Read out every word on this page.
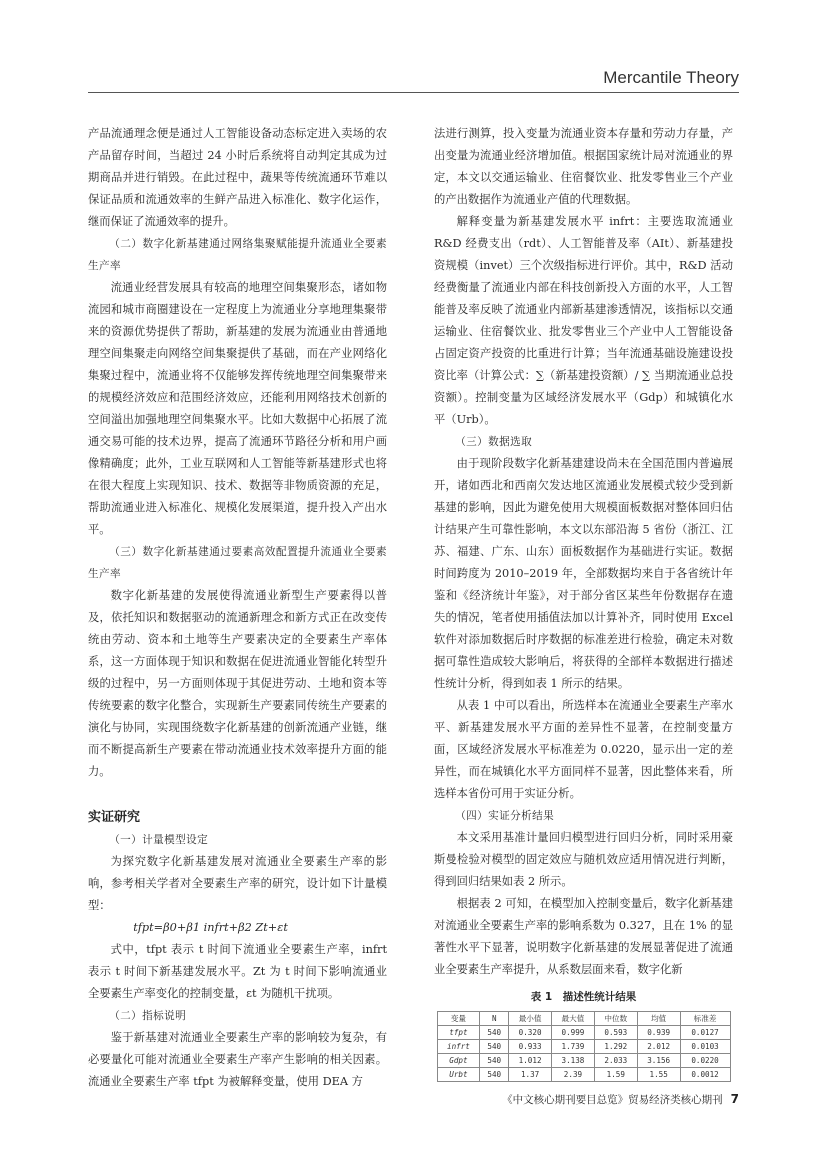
Mercantile Theory

产品流通理念便是通过人工智能设备动态标定进入卖场的农产品留存时间，当超过 24 小时后系统将自动判定其成为过期商品并进行销毁。在此过程中，蔬果等传统流通环节难以保证品质和流通效率的生鲜产品进入标准化、数字化运作，继而保证了流通效率的提升。

（二）数字化新基建通过网络集聚赋能提升流通业全要素生产率

流通业经营发展具有较高的地理空间集聚形态，诸如物流园和城市商圈建设在一定程度上为流通业分享地理集聚带来的资源优势提供了帮助，新基建的发展为流通业由普通地理空间集聚走向网络空间集聚提供了基础，而在产业网络化集聚过程中，流通业将不仅能够发挥传统地理空间集聚带来的规模经济效应和范围经济效应，还能利用网络技术创新的空间溢出加强地理空间集聚水平。比如大数据中心拓展了流通交易可能的技术边界，提高了流通环节路径分析和用户画像精确度；此外，工业互联网和人工智能等新基建形式也将在很大程度上实现知识、技术、数据等非物质资源的充足，帮助流通业进入标准化、规模化发展渠道，提升投入产出水平。

（三）数字化新基建通过要素高效配置提升流通业全要素生产率

数字化新基建的发展使得流通业新型生产要素得以普及，依托知识和数据驱动的流通新理念和新方式正在改变传统由劳动、资本和土地等生产要素决定的全要素生产率体系，这一方面体现于知识和数据在促进流通业智能化转型升级的过程中，另一方面则体现于其促进劳动、土地和资本等传统要素的数字化整合，实现新生产要素同传统生产要素的演化与协同，实现围绕数字化新基建的创新流通产业链，继而不断提高新生产要素在带动流通业技术效率提升方面的能力。

实证研究

（一）计量模型设定

为探究数字化新基建发展对流通业全要素生产率的影响，参考相关学者对全要素生产率的研究，设计如下计量模型：

tfpt=β0+β1 infrt+β2 Zt+εt

式中，tfpt 表示 t 时间下流通业全要素生产率，infrt 表示 t 时间下新基建发展水平。Zt 为 t 时间下影响流通业全要素生产率变化的控制变量，εt 为随机干扰项。

（二）指标说明

鉴于新基建对流通业全要素生产率的影响较为复杂，有必要量化可能对流通业全要素生产率产生影响的相关因素。流通业全要素生产率 tfpt 为被解释变量，使用 DEA 方

法进行测算，投入变量为流通业资本存量和劳动力存量，产出变量为流通业经济增加值。根据国家统计局对流通业的界定，本文以交通运输业、住宿餐饮业、批发零售业三个产业的产出数据作为流通业产值的代理数据。

解释变量为新基建发展水平 infrt：主要选取流通业 R&D 经费支出（rdt）、人工智能普及率（AIt）、新基建投资规模（invet）三个次级指标进行评价。其中，R&D 活动经费衡量了流通业内部在科技创新投入方面的水平，人工智能普及率反映了流通业内部新基建渗透情况，该指标以交通运输业、住宿餐饮业、批发零售业三个产业中人工智能设备占固定资产投资的比重进行计算；当年流通基础设施建设投资比率（计算公式：∑（新基建投资额）/ ∑ 当期流通业总投资额）。控制变量为区域经济发展水平（Gdp）和城镇化水平（Urb）。

（三）数据选取

由于现阶段数字化新基建建设尚未在全国范围内普遍展开，诸如西北和西南欠发达地区流通业发展模式较少受到新基建的影响，因此为避免使用大规模面板数据对整体回归估计结果产生可靠性影响，本文以东部沿海 5 省份（浙江、江苏、福建、广东、山东）面板数据作为基础进行实证。数据时间跨度为 2010–2019 年，全部数据均来自于各省统计年鉴和《经济统计年鉴》，对于部分省区某些年份数据存在遗失的情况，笔者使用插值法加以计算补齐，同时使用 Excel 软件对添加数据后时序数据的标准差进行检验，确定未对数据可靠性造成较大影响后，将获得的全部样本数据进行描述性统计分析，得到如表 1 所示的结果。

从表 1 中可以看出，所选样本在流通业全要素生产率水平、新基建发展水平方面的差异性不显著，在控制变量方面，区域经济发展水平标准差为 0.0220，显示出一定的差异性，而在城镇化水平方面同样不显著，因此整体来看，所选样本省份可用于实证分析。

（四）实证分析结果

本文采用基准计量回归模型进行回归分析，同时采用豪斯曼检验对模型的固定效应与随机效应适用情况进行判断，得到回归结果如表 2 所示。

根据表 2 可知，在模型加入控制变量后，数字化新基建对流通业全要素生产率的影响系数为 0.327，且在 1% 的显著性水平下显著，说明数字化新基建的发展显著促进了流通业全要素生产率提升，从系数层面来看，数字化新

表 1　描述性统计结果
变量	N	最小值	最大值	中位数	均值	标准差
tfpt	540	0.320	0.999	0.593	0.939	0.0127
infrt	540	0.933	1.739	1.292	2.012	0.0103
Gdpt	540	1.012	3.138	2.033	3.156	0.0220
Urbt	540	1.37	2.39	1.59	1.55	0.0012
《中文核心期刊要目总览》贸易经济类核心期刊 7
